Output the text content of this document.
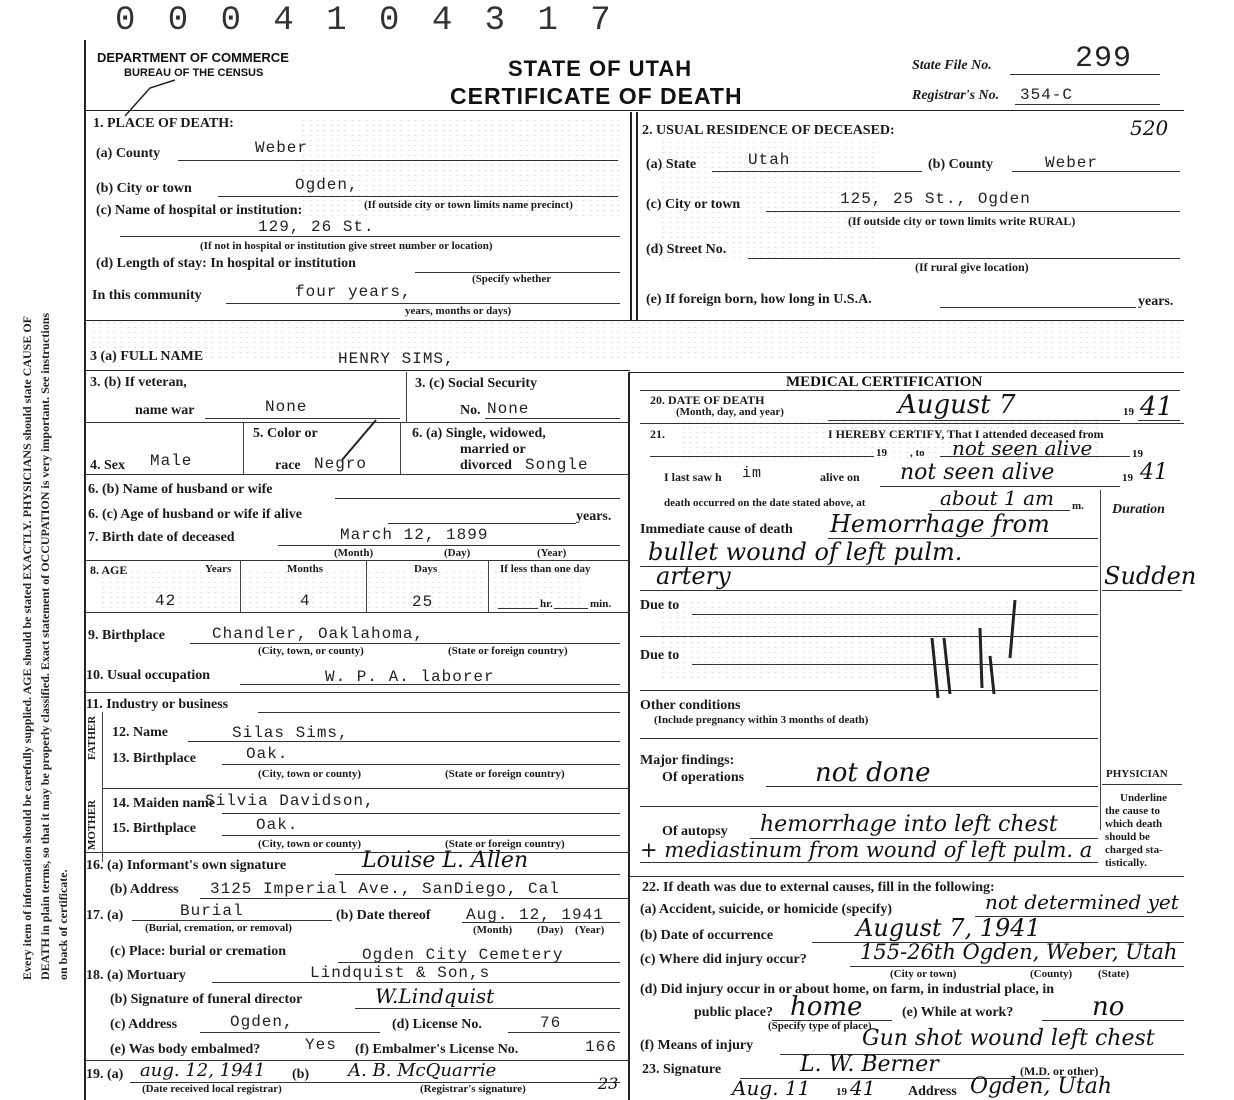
0 0 0 4 1 0 4 3 1 7
Every item of information should be carefully supplied. AGE should be stated EXACTLY. PHYSICIANS should state CAUSE OF DEATH in plain terms, so that it may be properly classified. Exact statement of OCCUPATION is very important. See instructions on back of certificate.
DEPARTMENT OF COMMERCE
BUREAU OF THE CENSUS	STATE OF UTAH
CERTIFICATE OF DEATH
State File No.	299
Registrar's No. 354-C
1. PLACE OF DEATH:
(a) County	Weber
(b) City or town	Ogden,
(c) Name of hospital or institution:	(If outside city or town limits name precinct)
129, 26 St.
(If not in hospital or institution give street number or location)
(d) Length of stay: In hospital or institution
(Specify whether
In this community	four years,
years, months or days)
2. USUAL RESIDENCE OF DECEASED:	520
(a) State	Utah	(b) County	Weber
(c) City or town	125, 25 St., Ogden
(If outside city or town limits write RURAL)
(d) Street No.
(If rural give location)
(e) If foreign born, how long in U.S.A.	years.
3 (a) FULL NAME	HENRY SIMS,
3. (b) If veteran,
name war	None
3. (c) Social Security
No. None
4. Sex Male
5. Color or
race Negro
6. (a) Single, widowed,
married or
divorced Songle
6. (b) Name of husband or wife
6. (c) Age of husband or wife if alive	years.
7. Birth date of deceased	March 12, 1899
(Month)	(Day)	(Year)
8. AGE	Years	Months	Days	If less than one day
42	4	25	hr.	min.
9. Birthplace	Chandler, Oaklahoma,
(City, town, or county)	(State or foreign country)
10. Usual occupation	W. P. A. laborer
11. Industry or business
FATHER
MOTHER
12. Name	Silas Sims,
13. Birthplace	Oak.
(City, town or county)	(State or foreign country)
14. Maiden name
Silvia Davidson,
15. Birthplace	Oak.
(City, town or county)	(State or foreign country)
16. (a) Informant's own signature	Louise L. Allen
(b) Address 3125 Imperial Ave., SanDiego, Cal
17. (a)	Burial
(Burial, cremation, or removal)
(b) Date thereof Aug. 12, 1941
(Month) (Day) (Year)
(c) Place: burial or cremation	Ogden City Cemetery
18. (a) Mortuary	Lindquist & Son,s
(b) Signature of funeral director	W.Lindquist
(c) Address	Ogden,	(d) License No.	76
(e) Was body embalmed?	Yes (f) Embalmer's License No.	166
19. (a) aug. 12, 1941 (b) A. B. McQuarrie
(Date received local registrar)	(Registrar's signature)	23
MEDICAL CERTIFICATION
20. DATE OF DEATH
(Month, day, and year)	August 7	19 41
21.	I HEREBY CERTIFY, That I attended deceased from
19 , to not seen alive	19
I last saw h im	alive on not seen alive	19 41
death occurred on the date stated above, at	about 1 am m. Duration
Immediate cause of death Hemorrhage from
bullet wound of left pulm.
artery	Sudden
Due to
Due to
Other conditions
(Include pregnancy within 3 months of death)
Major findings:
Of operations	not done	PHYSICIAN
Underline
the cause to
which death
should be
charged sta-
tistically.
Of autopsy hemorrhage into left chest
+ mediastinum from wound of left pulm. a
22. If death was due to external causes, fill in the following:
(a) Accident, suicide, or homicide (specify)	not determined yet
(b) Date of occurrence	August 7, 1941
(c) Where did injury occur?	155-26th Ogden, Weber, Utah
(City or town)	(County) (State)
(d) Did injury occur in or about home, on farm, in industrial place, in
public place? home
(Specify type of place)
(e) While at work?	no
(f) Means of injury	Gun shot wound left chest
23. Signature	L. W. Berner	(M.D. or other)
Aug. 11 19 41 Address Ogden, Utah
